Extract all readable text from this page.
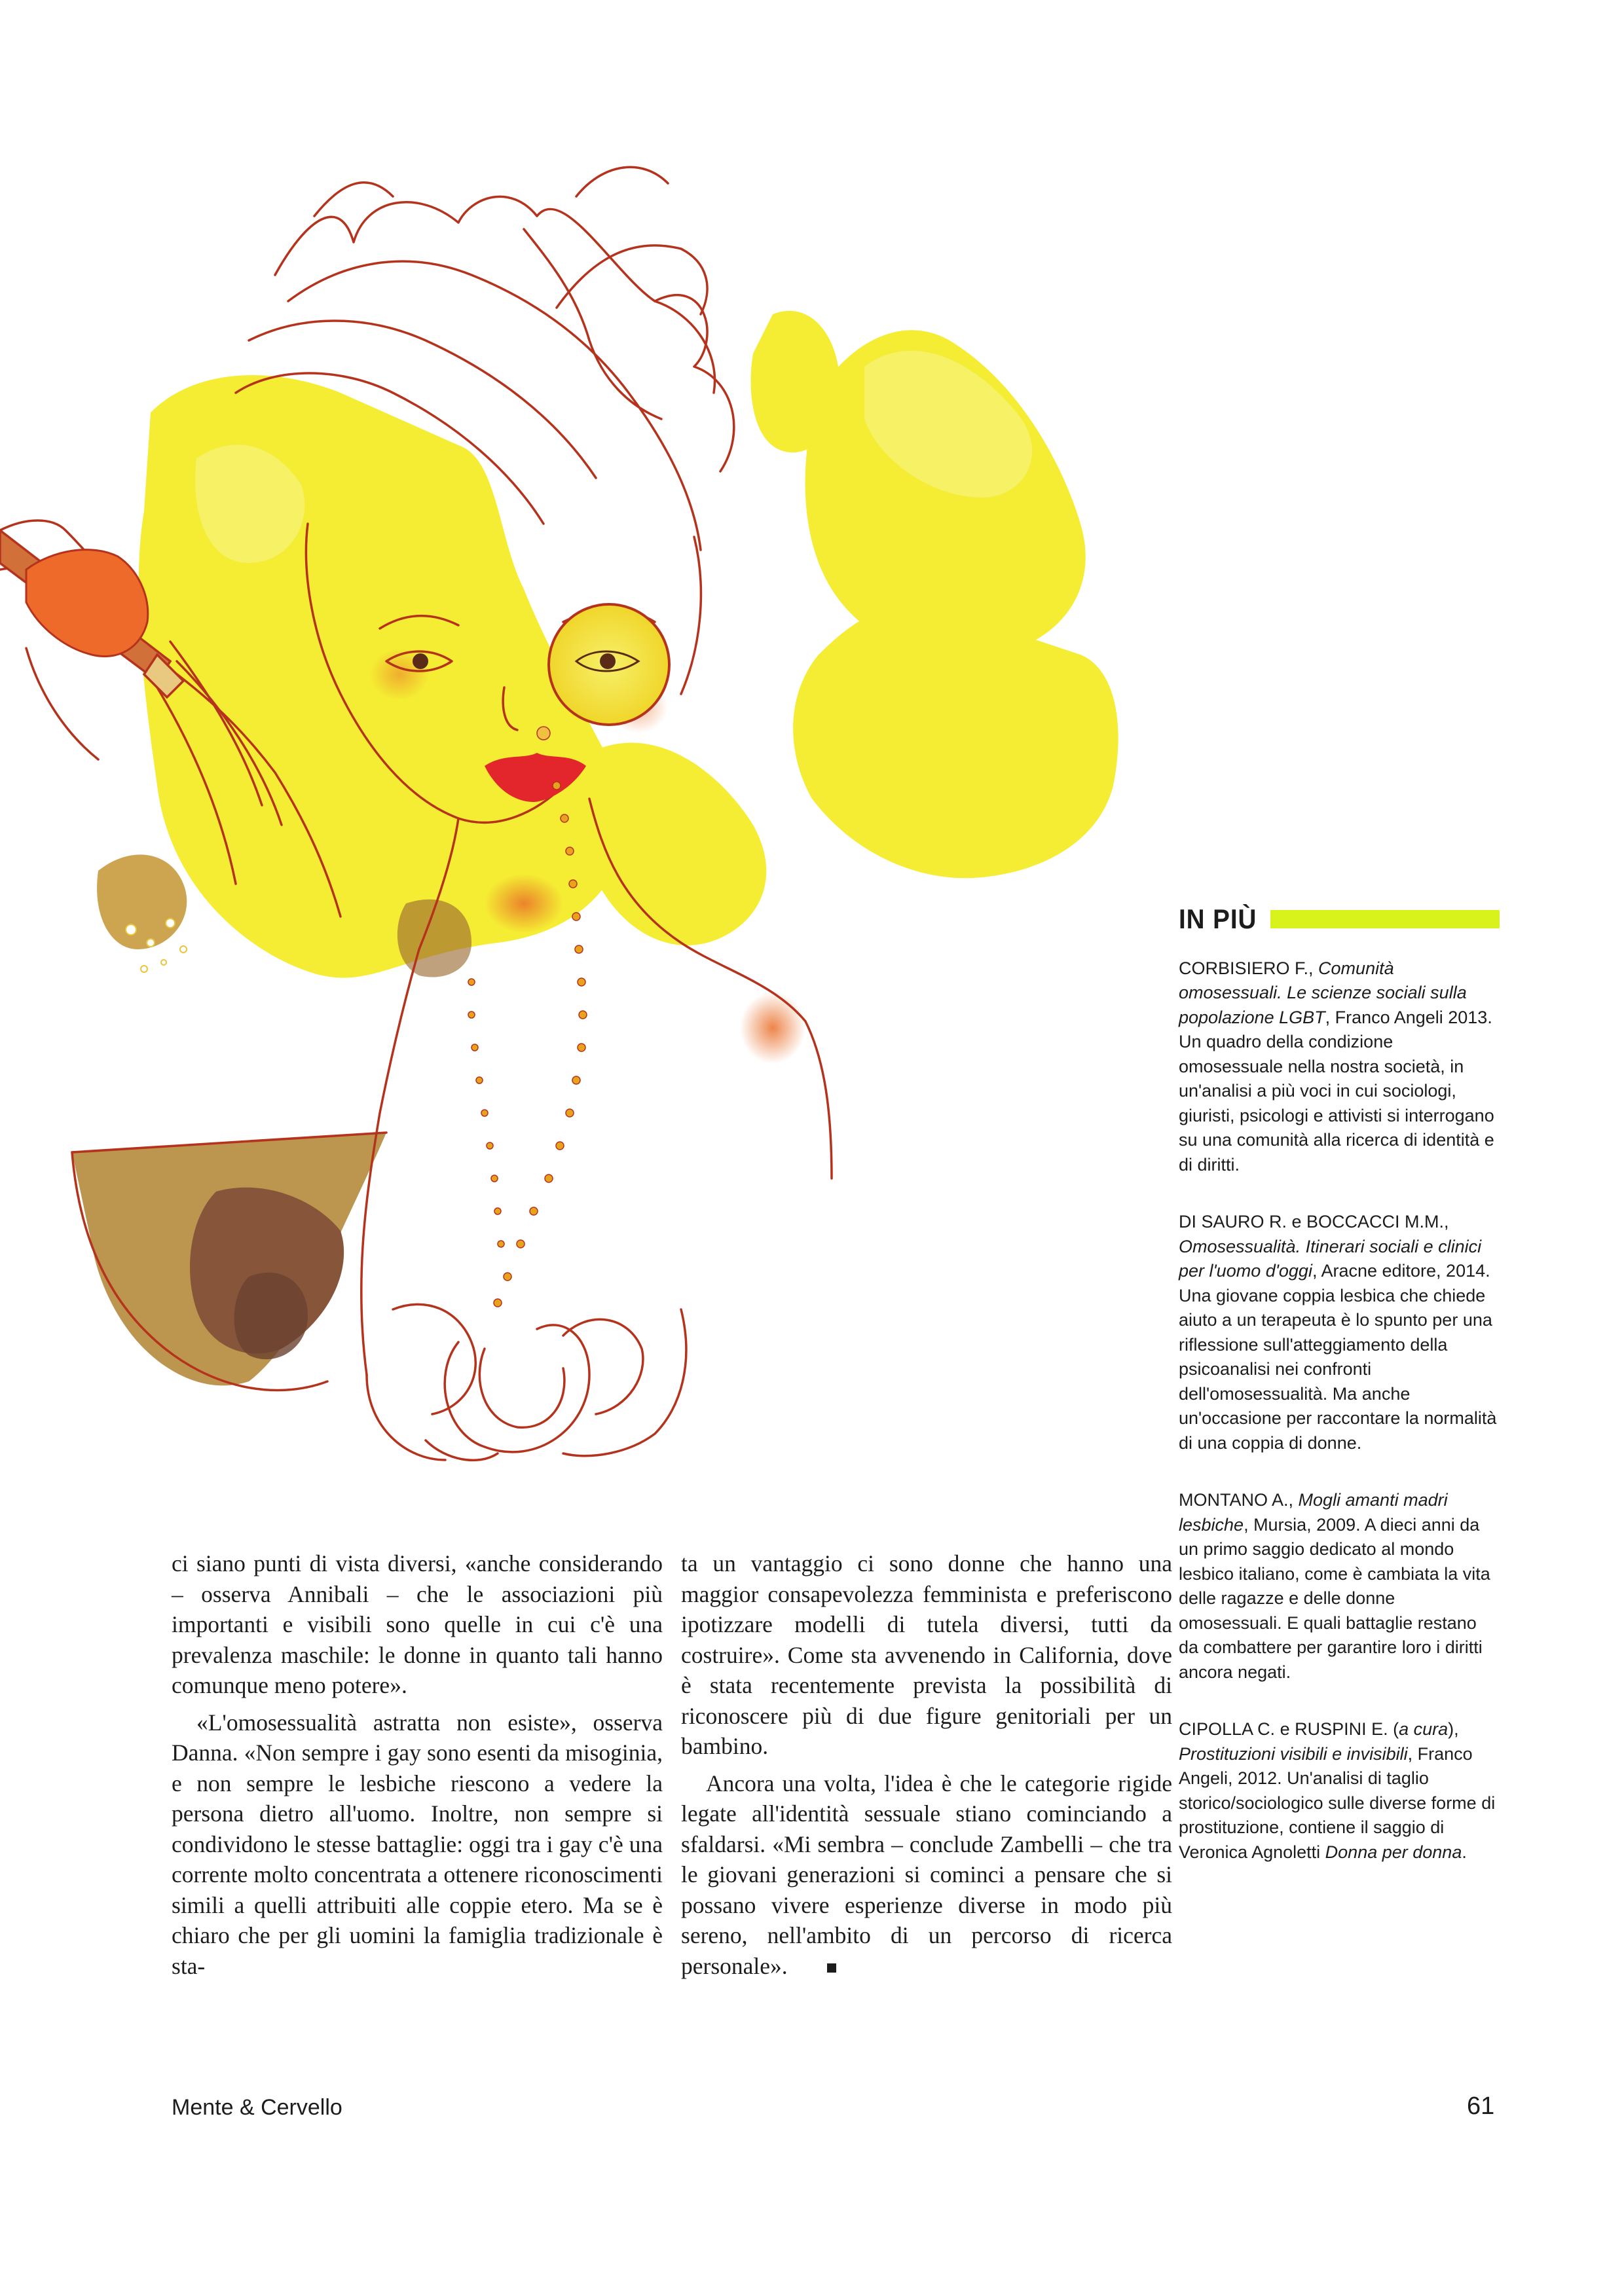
ci siano punti di vista diversi, «anche considerando – osserva Annibali – che le associazioni più importanti e visibili sono quelle in cui c'è una prevalenza maschile: le donne in quanto tali hanno comunque meno potere».

«L'omosessualità astratta non esiste», osserva Danna. «Non sempre i gay sono esenti da misoginia, e non sempre le lesbiche riescono a vedere la persona dietro all'uomo. Inoltre, non sempre si condividono le stesse battaglie: oggi tra i gay c'è una corrente molto concentrata a ottenere riconoscimenti simili a quelli attribuiti alle coppie etero. Ma se è chiaro che per gli uomini la famiglia tradizionale è sta-

ta un vantaggio ci sono donne che hanno una maggior consapevolezza femminista e preferiscono ipotizzare modelli di tutela diversi, tutti da costruire». Come sta avvenendo in California, dove è stata recentemente prevista la possibilità di riconoscere più di due figure genitoriali per un bambino.

Ancora una volta, l'idea è che le categorie rigide legate all'identità sessuale stiano cominciando a sfaldarsi. «Mi sembra – conclude Zambelli – che tra le giovani generazioni si cominci a pensare che si possano vivere esperienze diverse in modo più sereno, nell'ambito di un percorso di ricerca personale».

IN PIÙ

CORBISIERO F., Comunità omosessuali. Le scienze sociali sulla popolazione LGBT, Franco Angeli 2013. Un quadro della condizione omosessuale nella nostra società, in un'analisi a più voci in cui sociologi, giuristi, psicologi e attivisti si interrogano su una comunità alla ricerca di identità e di diritti.

DI SAURO R. e BOCCACCI M.M., Omosessualità. Itinerari sociali e clinici per l'uomo d'oggi, Aracne editore, 2014. Una giovane coppia lesbica che chiede aiuto a un terapeuta è lo spunto per una riflessione sull'atteggiamento della psicoanalisi nei confronti dell'omosessualità. Ma anche un'occasione per raccontare la normalità di una coppia di donne.

MONTANO A., Mogli amanti madri lesbiche, Mursia, 2009. A dieci anni da un primo saggio dedicato al mondo lesbico italiano, come è cambiata la vita delle ragazze e delle donne omosessuali. E quali battaglie restano da combattere per garantire loro i diritti ancora negati.

CIPOLLA C. e RUSPINI E. (a cura), Prostituzioni visibili e invisibili, Franco Angeli, 2012. Un'analisi di taglio storico/sociologico sulle diverse forme di prostituzione, contiene il saggio di Veronica Agnoletti Donna per donna.

Mente & Cervello	61
